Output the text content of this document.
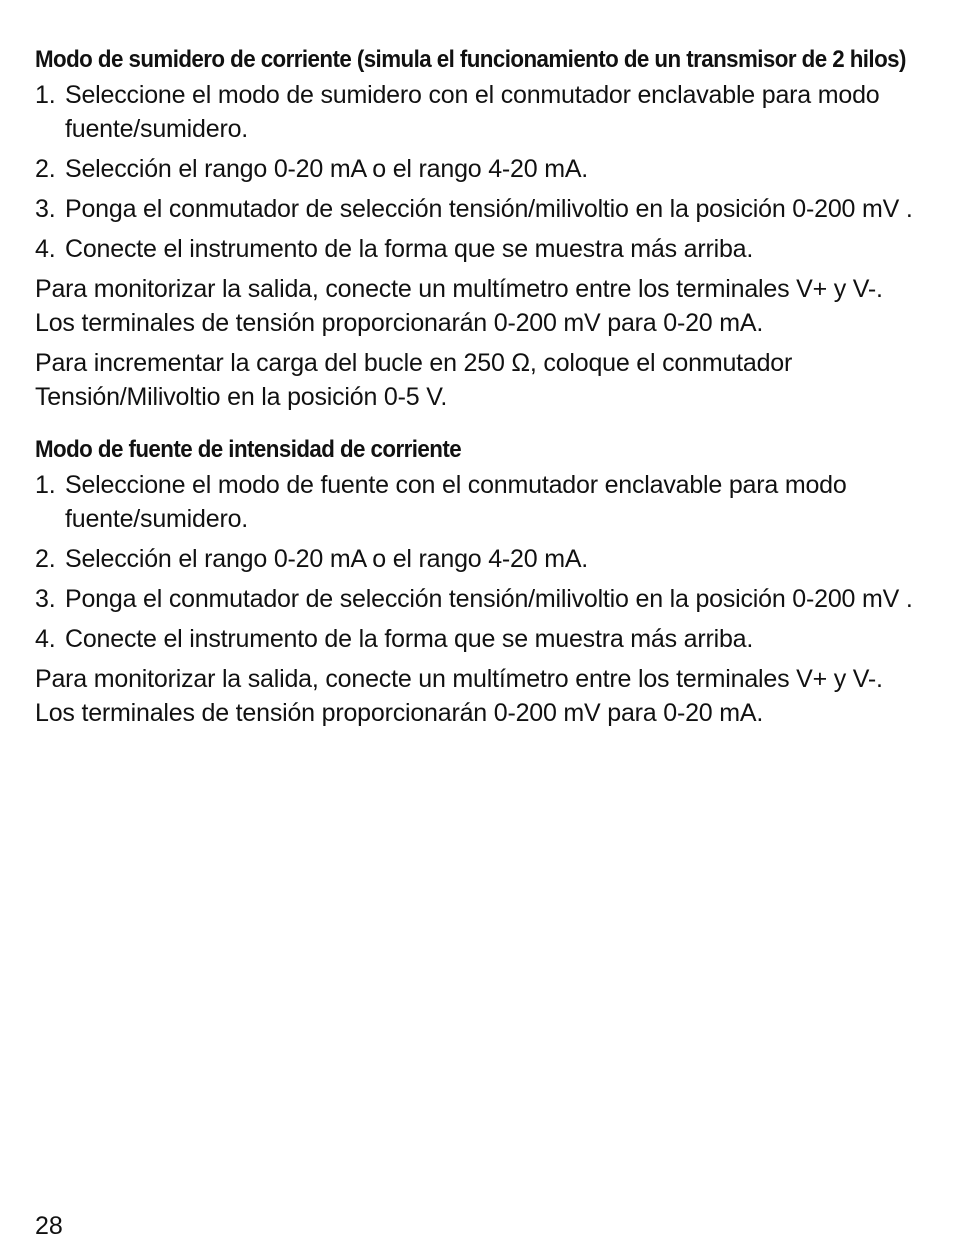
Modo de sumidero de corriente (simula el funcionamiento de un transmisor de 2 hilos)
1. Seleccione el modo de sumidero con el conmutador enclavable para modo fuente/sumidero.
2. Selección el rango 0-20 mA o el rango 4-20 mA.
3. Ponga el conmutador de selección tensión/milivoltio en la posición 0-200 mV .
4. Conecte el instrumento de la forma que se muestra más arriba.

Para monitorizar la salida, conecte un multímetro entre los terminales V+ y V-. Los terminales de tensión proporcionarán 0-200 mV para 0-20 mA.

Para incrementar la carga del bucle en 250 Ω, coloque el conmutador Tensión/Milivoltio en la posición 0-5 V.

Modo de fuente de intensidad de corriente
1. Seleccione el modo de fuente con el conmutador enclavable para modo fuente/sumidero.
2. Selección el rango 0-20 mA o el rango 4-20 mA.
3. Ponga el conmutador de selección tensión/milivoltio en la posición 0-200 mV .
4. Conecte el instrumento de la forma que se muestra más arriba.

Para monitorizar la salida, conecte un multímetro entre los terminales V+ y V-. Los terminales de tensión proporcionarán 0-200 mV para 0-20 mA.

28
